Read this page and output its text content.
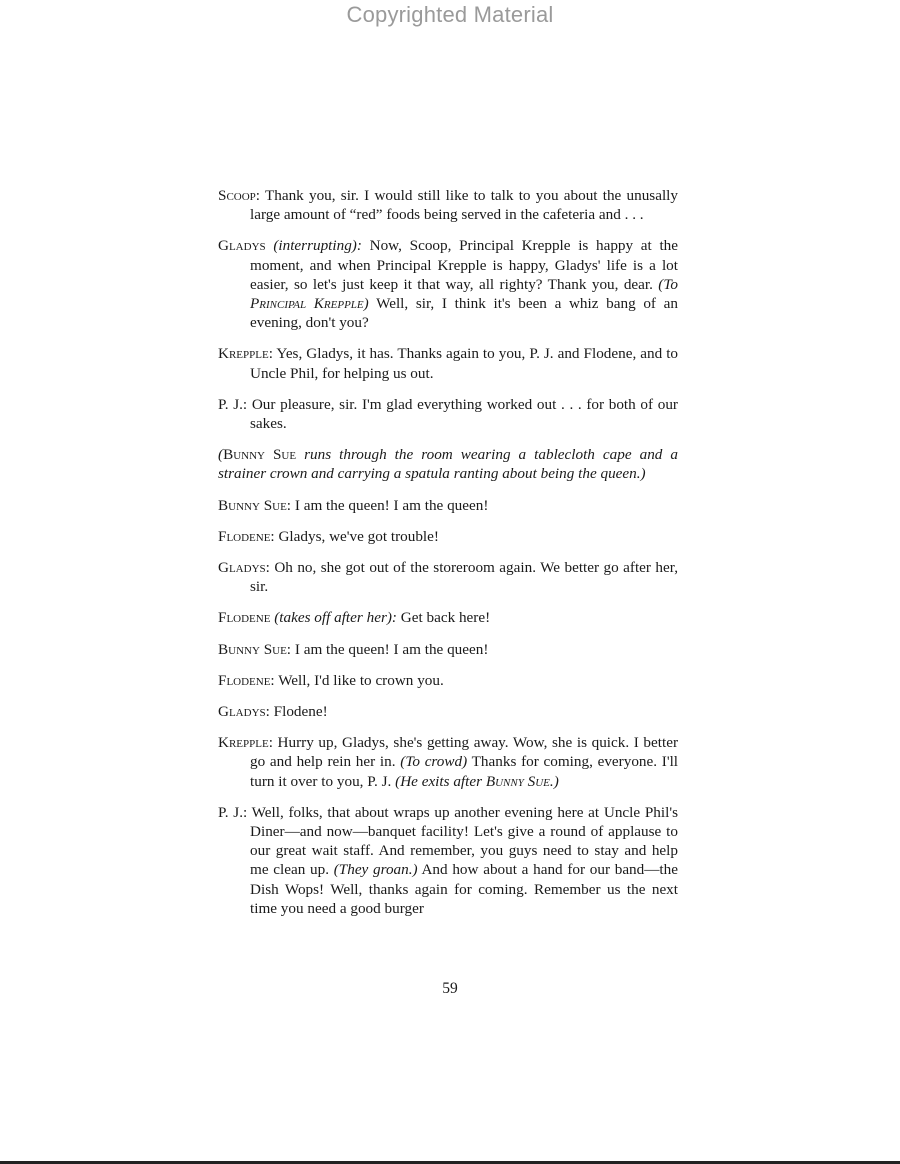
Copyrighted Material

Scoop: Thank you, sir. I would still like to talk to you about the unusally large amount of “red” foods being served in the cafeteria and . . .

Gladys (interrupting): Now, Scoop, Principal Krepple is happy at the moment, and when Principal Krepple is happy, Gladys' life is a lot easier, so let's just keep it that way, all righty? Thank you, dear. (To Principal Krepple) Well, sir, I think it's been a whiz bang of an evening, don't you?

Krepple: Yes, Gladys, it has. Thanks again to you, P. J. and Flodene, and to Uncle Phil, for helping us out.

P. J.: Our pleasure, sir. I'm glad everything worked out . . . for both of our sakes.

(Bunny Sue runs through the room wearing a tablecloth cape and a strainer crown and carrying a spatula ranting about being the queen.)

Bunny Sue: I am the queen! I am the queen!

Flodene: Gladys, we've got trouble!

Gladys: Oh no, she got out of the storeroom again. We better go after her, sir.

Flodene (takes off after her): Get back here!

Bunny Sue: I am the queen! I am the queen!

Flodene: Well, I'd like to crown you.

Gladys: Flodene!

Krepple: Hurry up, Gladys, she's getting away. Wow, she is quick. I better go and help rein her in. (To crowd) Thanks for coming, everyone. I'll turn it over to you, P. J. (He exits after Bunny Sue.)

P. J.: Well, folks, that about wraps up another evening here at Uncle Phil's Diner—and now—banquet facility! Let's give a round of applause to our great wait staff. And remember, you guys need to stay and help me clean up. (They groan.) And how about a hand for our band—the Dish Wops! Well, thanks again for coming. Remember us the next time you need a good burger

59
